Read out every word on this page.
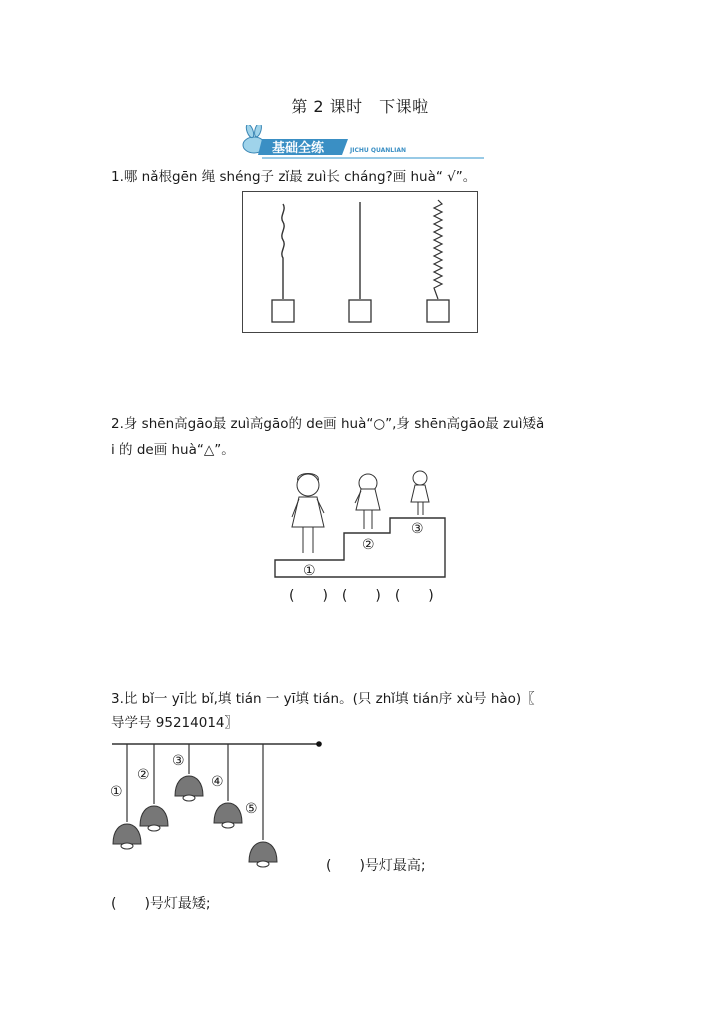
第 2 课时　下课啦
基础全练	JICHU QUANLIAN
1.哪 nǎ根gēn 绳 shéng子 zǐ最 zuì长 cháng?画 huà“ √”。
2.身 shēn高gāo最 zuì高gāo的 de画 huà“○”,身 shēn高gāo最 zuì矮ǎ
i 的 de画 huà“△”。
①
②
③
(　　)　(　　)　(　　)
3.比 bǐ一 yī比 bǐ,填 tián 一 yī填 tián。(只 zhǐ填 tián序 xù号 hào)〖
导学号 95214014〗
①
②
③
④
⑤
(　　)号灯最高;
(　　)号灯最矮;
